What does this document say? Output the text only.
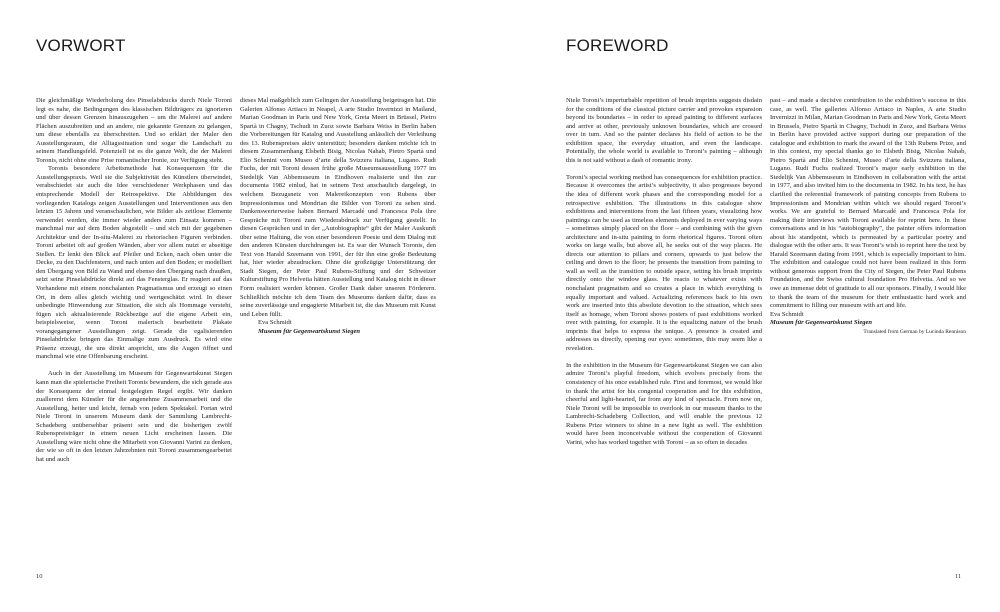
VORWORT

Die gleichmäßige Wiederholung des Pinselabdrucks durch Niele Toroni legt es nahe, die Bedingungen des klassischen Bildträgers zu ignorieren und über dessen Grenzen hinauszugehen – um die Malerei auf andere Flächen auszubreiten und an andere, nie gekannte Grenzen zu gelangen, um diese ebenfalls zu überschreiten. Und so erklärt der Maler den Ausstellungsraum, die Alltagssituation und sogar die Landschaft zu seinem Handlungsfeld. Potenziell ist es die ganze Welt, die der Malerei Toronis, nicht ohne eine Prise romantischer Ironie, zur Verfügung steht.

Toronis besondere Arbeitsmethode hat Konsequenzen für die Ausstellungspraxis. Weil sie die Subjektivität des Künstlers überwindet, verabschiedet sie auch die Idee verschiedener Werkphasen und das entsprechende Modell der Retrospektive. Die Abbildungen des vorliegenden Katalogs zeigen Ausstellungen und Interventionen aus den letzten 15 Jahren und veranschaulichen, wie Bilder als zeitlose Elemente verwendet werden, die immer wieder anders zum Einsatz kommen – manchmal nur auf dem Boden abgestellt – und sich mit der gegebenen Architektur und der In-situ-Malerei zu rhetorischen Figuren verbinden. Toroni arbeitet oft auf großen Wänden, aber vor allem nutzt er abseitige Stellen. Er lenkt den Blick auf Pfeiler und Ecken, nach oben unter die Decke, zu den Dachfenstern, und nach unten auf den Boden; er modelliert den Übergang von Bild zu Wand und ebenso den Übergang nach draußen, setzt seine Pinselabdrücke direkt auf das Fensterglas. Er reagiert auf das Vorhandene mit einem nonchalanten Pragmatismus und erzeugt so einen Ort, in dem alles gleich wichtig und wertgeschätzt wird. In dieser unbedingte Hinwendung zur Situation, die sich als Hommage versteht, fügen sich aktualisierende Rückbezüge auf die eigene Arbeit ein, beispielsweise, wenn Toroni malerisch bearbeitete Plakate vorangegangener Ausstellungen zeigt. Gerade die egalisierenden Pinselabdrücke bringen das Einmalige zum Ausdruck. Es wird eine Präsenz erzeugt, die uns direkt anspricht, uns die Augen öffnet und manchmal wie eine Offenbarung erscheint.

Auch in der Ausstellung im Museum für Gegenwartskunst Siegen kann man die spielerische Freiheit Toronis bewundern, die sich gerade aus der Konsequenz der einmal festgelegten Regel ergibt. Wir danken zuallererst dem Künstler für die angenehme Zusammenarbeit und die Ausstellung, heiter und leicht, fernab von jedem Spektakel. Fortan wird Niele Toroni in unserem Museum dank der Sammlung Lambrecht-Schadeberg unübersehbar präsent sein und die bisherigen zwölf Rubenspreisträger in einem neuen Licht erscheinen lassen. Die Ausstellung wäre nicht ohne die Mitarbeit von Giovanni Varini zu denken, der wie so oft in den letzten Jahrzehnten mit Toroni zusammengearbeitet hat und auch

dieses Mal maßgeblich zum Gelingen der Ausstellung beigetragen hat. Die Galerien Alfonso Artiaco in Neapel, A arte Studio Invernizzi in Mailand, Marian Goodman in Paris und New York, Greta Meert in Brüssel, Pietro Spartà in Chagny, Tschudi in Zuoz sowie Barbara Weiss in Berlin haben die Vorbereitungen für Katalog und Ausstellung anlässlich der Verleihung des 13. Rubenspreises aktiv unterstützt; besonders danken möchte ich in diesem Zusammenhang Elsbeth Bisig, Nicolas Nahab, Pietro Spartà und Elio Schenini vom Museo d’arte della Svizzera italiana, Lugano. Rudi Fuchs, der mit Toroni dessen frühe große Museumsausstellung 1977 im Stedelijk Van Abbemuseum in Eindhoven realisierte und ihn zur documenta 1982 einlud, hat in seinem Text anschaulich dargelegt, in welchem Bezugsnetz von Malereikonzepten von Rubens über Impressionismus und Mondrian die Bilder von Toroni zu sehen sind. Dankenswerterweise haben Bernard Marcadé und Francesca Pola ihre Gespräche mit Toroni zum Wiederabdruck zur Verfügung gestellt. In diesen Gesprächen und in der „Autobiographie“ gibt der Maler Auskunft über seine Haltung, die von einer besonderen Poesie und dem Dialog mit den anderen Künsten durchdrungen ist. Es war der Wunsch Toronis, den Text von Harald Szeemann von 1991, der für ihn eine große Bedeutung hat, hier wieder abzudrucken. Ohne die großzügige Unterstützung der Stadt Siegen, der Peter Paul Rubens-Stiftung und der Schweizer Kulturstiftung Pro Helvetia hätten Ausstellung und Katalog nicht in dieser Form realisiert werden können. Großer Dank daher unseren Förderern. Schließlich möchte ich dem Team des Museums danken dafür, dass es seine zuverlässige und engagierte Mitarbeit ist, die das Museum mit Kunst und Leben füllt.

Eva Schmidt

Museum für Gegenwartskunst Siegen

10
FOREWORD

Niele Toroni’s imperturbable repetition of brush imprints suggests disdain for the conditions of the classical picture carrier and provokes expansion beyond its boundaries – in order to spread painting to different surfaces and arrive at other, previously unknown boundaries, which are crossed over in turn. And so the painter declares his field of action to be the exhibition space, the everyday situation, and even the landscape. Potentially, the whole world is available to Toroni’s painting – although this is not said without a dash of romantic irony.

Toroni’s special working method has consequences for exhibition practice. Because it overcomes the artist’s subjectivity, it also progresses beyond the idea of different work phases and the corresponding model for a retrospective exhibition. The illustrations in this catalogue show exhibitions and interventions from the last fifteen years, visualizing how paintings can be used as timeless elements deployed in ever varying ways – sometimes simply placed on the floor – and combining with the given architecture and in-situ painting to form rhetorical figures. Toroni often works on large walls, but above all, he seeks out of the way places. He directs our attention to pillars and corners, upwards to just below the ceiling and down to the floor; he presents the transition from painting to wall as well as the transition to outside space, setting his brush imprints directly onto the window glass. He reacts to whatever exists with nonchalant pragmatism and so creates a place in which everything is equally important and valued. Actualizing references back to his own work are inserted into this absolute devotion to the situation, which sees itself as homage, when Toroni shows posters of past exhibitions worked over with painting, for example. It is the equalizing nature of the brush imprints that helps to express the unique. A presence is created and addresses us directly, opening our eyes: sometimes, this may seem like a revelation.

In the exhibition in the Museum für Gegenwartskunst Siegen we can also admire Toroni’s playful freedom, which evolves precisely from the consistency of his once established rule. First and foremost, we would like to thank the artist for his congenial cooperation and for this exhibition, cheerful and light-hearted, far from any kind of spectacle. From now on, Niele Toroni will be impossible to overlook in our museum thanks to the Lambrecht-Schadeberg Collection, and will enable the previous 12 Rubens Prize winners to shine in a new light as well. The exhibition would have been inconceivable without the cooperation of Giovanni Varini, who has worked together with Toroni – as so often in decades

past – and made a decisive contribution to the exhibition’s success in this case, as well. The galleries Alfonso Artiaco in Naples, A arte Studio Invernizzi in Milan, Marian Goodman in Paris and New York, Greta Meert in Brussels, Pietro Spartà in Chagny, Tschudi in Zuoz, and Barbara Weiss in Berlin have provided active support during our preparation of the catalogue and exhibition to mark the award of the 13th Rubens Prize, and in this context, my special thanks go to Elsbeth Bisig, Nicolas Nahab, Pietro Spartà and Elio Schenini, Museo d’arte della Svizzera italiana, Lugano. Rudi Fuchs realized Toroni’s major early exhibition in the Stedelijk Van Abbemuseum in Eindhoven in collaboration with the artist in 1977, and also invited him to the documenta in 1982. In his text, he has clarified the referential framework of painting concepts from Rubens to Impressionism and Mondrian within which we should regard Toroni’s works. We are grateful to Bernard Marcadé and Francesca Pola for making their interviews with Toroni available for reprint here. In these conversations and in his “autobiography”, the painter offers information about his standpoint, which is permeated by a particular poetry and dialogue with the other arts. It was Toroni’s wish to reprint here the text by Harald Szeemann dating from 1991, which is especially important to him. The exhibition and catalogue could not have been realized in this form without generous support from the City of Siegen, the Peter Paul Rubens Foundation, and the Swiss cultural foundation Pro Helvetia. And so we owe an immense debt of gratitude to all our sponsors. Finally, I would like to thank the team of the museum for their enthusiastic hard work and commitment to filling our museum with art and life.

Eva Schmidt

Museum für Gegenwartskunst Siegen

Translated from German by Lucinda Rennison

11
